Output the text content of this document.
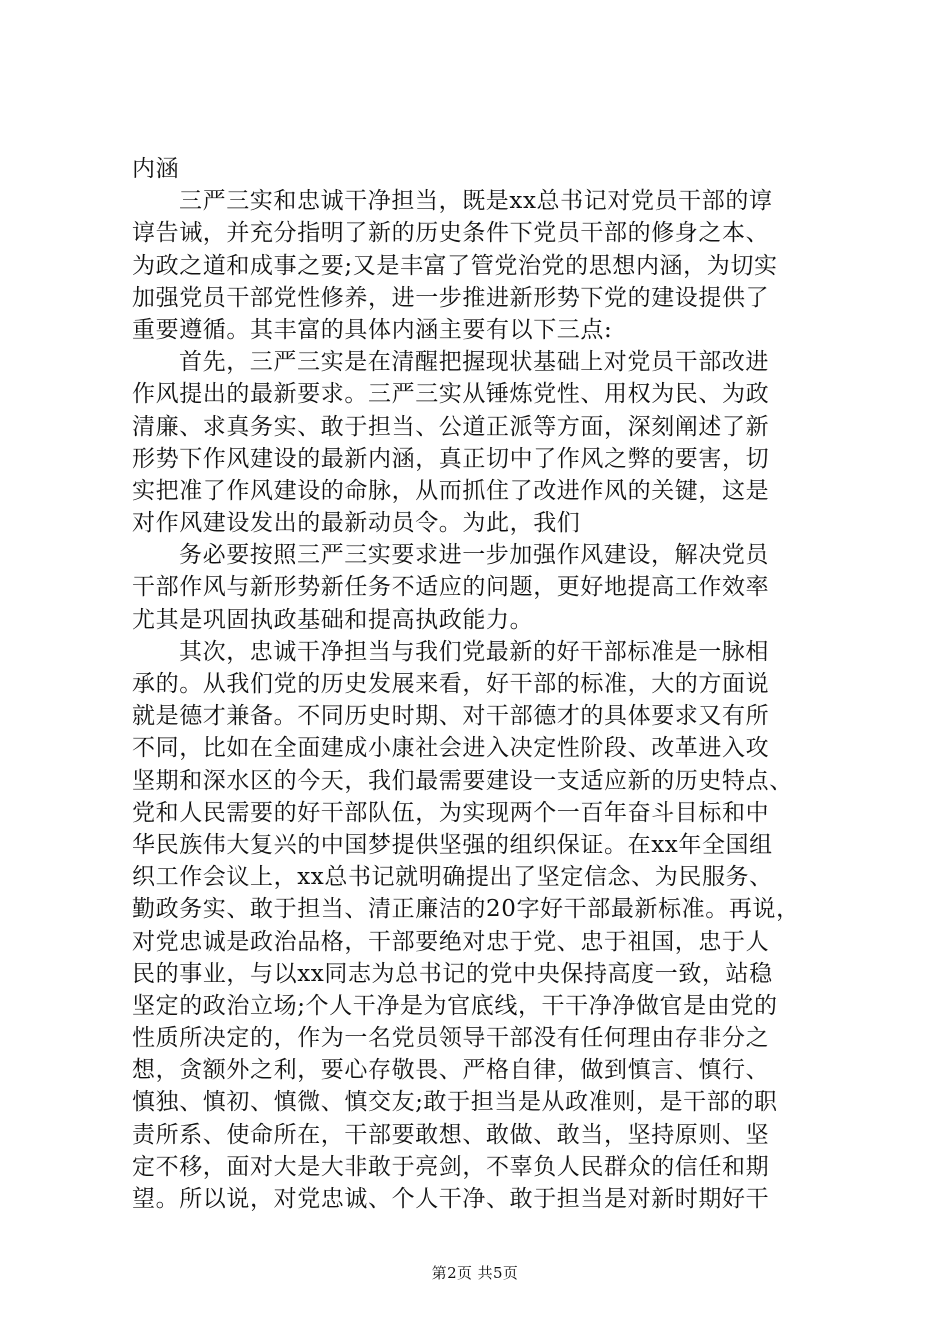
内涵

三严三实和忠诚干净担当，既是xx总书记对党员干部的谆

谆告诫，并充分指明了新的历史条件下党员干部的修身之本、

为政之道和成事之要;又是丰富了管党治党的思想内涵，为切实

加强党员干部党性修养，进一步推进新形势下党的建设提供了

重要遵循。其丰富的具体内涵主要有以下三点:

首先，三严三实是在清醒把握现状基础上对党员干部改进

作风提出的最新要求。三严三实从锤炼党性、用权为民、为政

清廉、求真务实、敢于担当、公道正派等方面，深刻阐述了新

形势下作风建设的最新内涵，真正切中了作风之弊的要害，切

实把准了作风建设的命脉，从而抓住了改进作风的关键，这是

对作风建设发出的最新动员令。为此，我们

务必要按照三严三实要求进一步加强作风建设，解决党员

干部作风与新形势新任务不适应的问题，更好地提高工作效率

尤其是巩固执政基础和提高执政能力。

其次，忠诚干净担当与我们党最新的好干部标准是一脉相

承的。从我们党的历史发展来看，好干部的标准，大的方面说

就是德才兼备。不同历史时期、对干部德才的具体要求又有所

不同，比如在全面建成小康社会进入决定性阶段、改革进入攻

坚期和深水区的今天，我们最需要建设一支适应新的历史特点、

党和人民需要的好干部队伍，为实现两个一百年奋斗目标和中

华民族伟大复兴的中国梦提供坚强的组织保证。在xx年全国组

织工作会议上，xx总书记就明确提出了坚定信念、为民服务、

勤政务实、敢于担当、清正廉洁的20字好干部最新标准。再说，

对党忠诚是政治品格，干部要绝对忠于党、忠于祖国，忠于人

民的事业，与以xx同志为总书记的党中央保持高度一致，站稳

坚定的政治立场;个人干净是为官底线，干干净净做官是由党的

性质所决定的，作为一名党员领导干部没有任何理由存非分之

想，贪额外之利，要心存敬畏、严格自律，做到慎言、慎行、

慎独、慎初、慎微、慎交友;敢于担当是从政准则，是干部的职

责所系、使命所在，干部要敢想、敢做、敢当，坚持原则、坚

定不移，面对大是大非敢于亮剑，不辜负人民群众的信任和期

望。所以说，对党忠诚、个人干净、敢于担当是对新时期好干

第2页 共5页
